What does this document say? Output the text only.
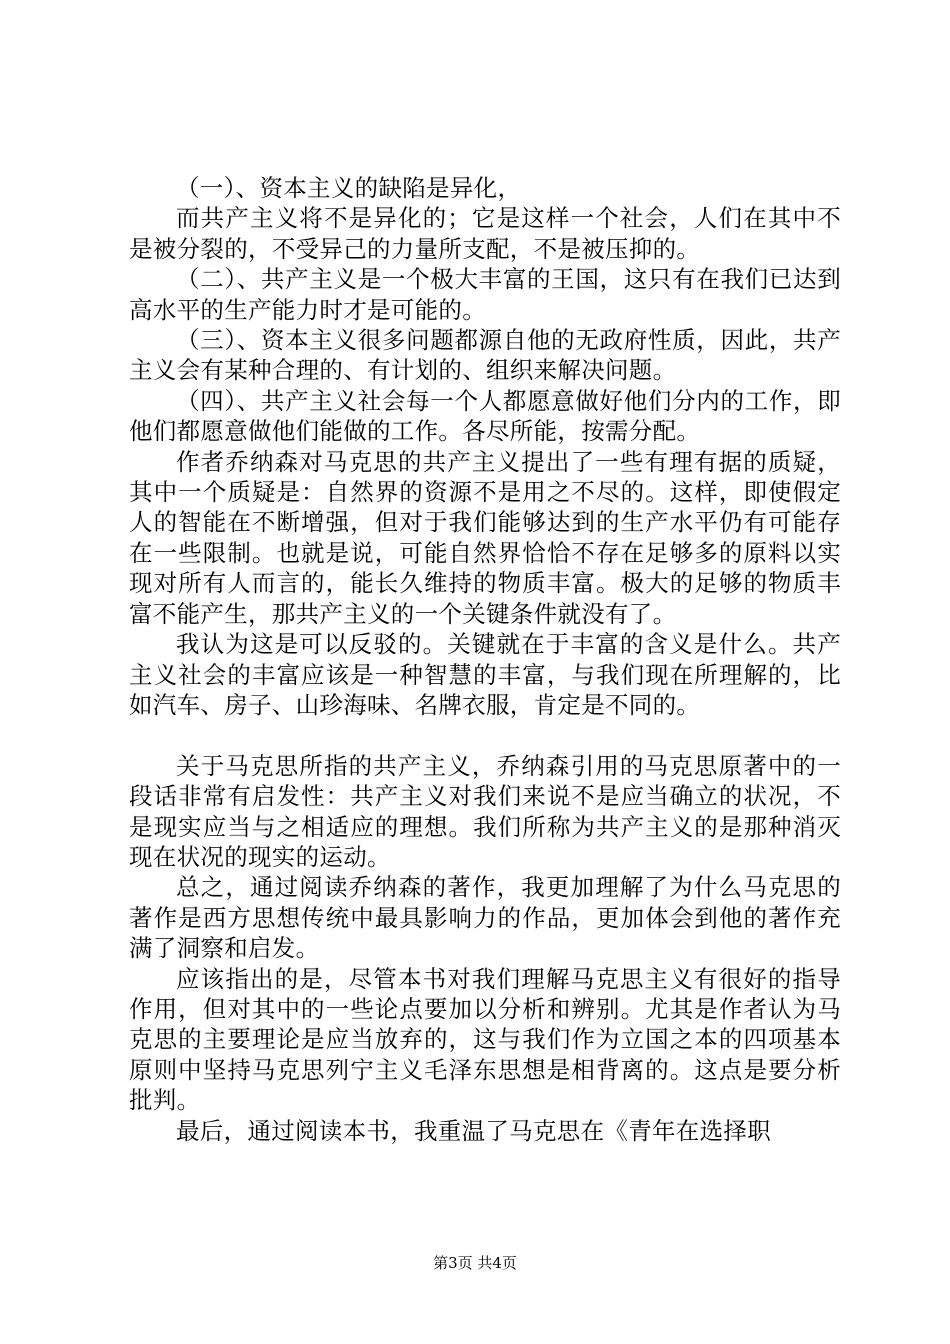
（一）、资本主义的缺陷是异化，

而共产主义将不是异化的；它是这样一个社会，人们在其中不是被分裂的，不受异己的力量所支配，不是被压抑的。

（二）、共产主义是一个极大丰富的王国，这只有在我们已达到高水平的生产能力时才是可能的。

（三）、资本主义很多问题都源自他的无政府性质，因此，共产主义会有某种合理的、有计划的、组织来解决问题。

（四）、共产主义社会每一个人都愿意做好他们分内的工作，即他们都愿意做他们能做的工作。各尽所能，按需分配。

作者乔纳森对马克思的共产主义提出了一些有理有据的质疑，其中一个质疑是：自然界的资源不是用之不尽的。这样，即使假定人的智能在不断增强，但对于我们能够达到的生产水平仍有可能存在一些限制。也就是说，可能自然界恰恰不存在足够多的原料以实现对所有人而言的，能长久维持的物质丰富。极大的足够的物质丰富不能产生，那共产主义的一个关键条件就没有了。

我认为这是可以反驳的。关键就在于丰富的含义是什么。共产主义社会的丰富应该是一种智慧的丰富，与我们现在所理解的，比如汽车、房子、山珍海味、名牌衣服，肯定是不同的。

关于马克思所指的共产主义，乔纳森引用的马克思原著中的一段话非常有启发性：共产主义对我们来说不是应当确立的状况，不是现实应当与之相适应的理想。我们所称为共产主义的是那种消灭现在状况的现实的运动。

总之，通过阅读乔纳森的著作，我更加理解了为什么马克思的著作是西方思想传统中最具影响力的作品，更加体会到他的著作充满了洞察和启发。

应该指出的是，尽管本书对我们理解马克思主义有很好的指导作用，但对其中的一些论点要加以分析和辨别。尤其是作者认为马克思的主要理论是应当放弃的，这与我们作为立国之本的四项基本原则中坚持马克思列宁主义毛泽东思想是相背离的。这点是要分析批判。

最后，通过阅读本书，我重温了马克思在《青年在选择职

第3页 共4页
